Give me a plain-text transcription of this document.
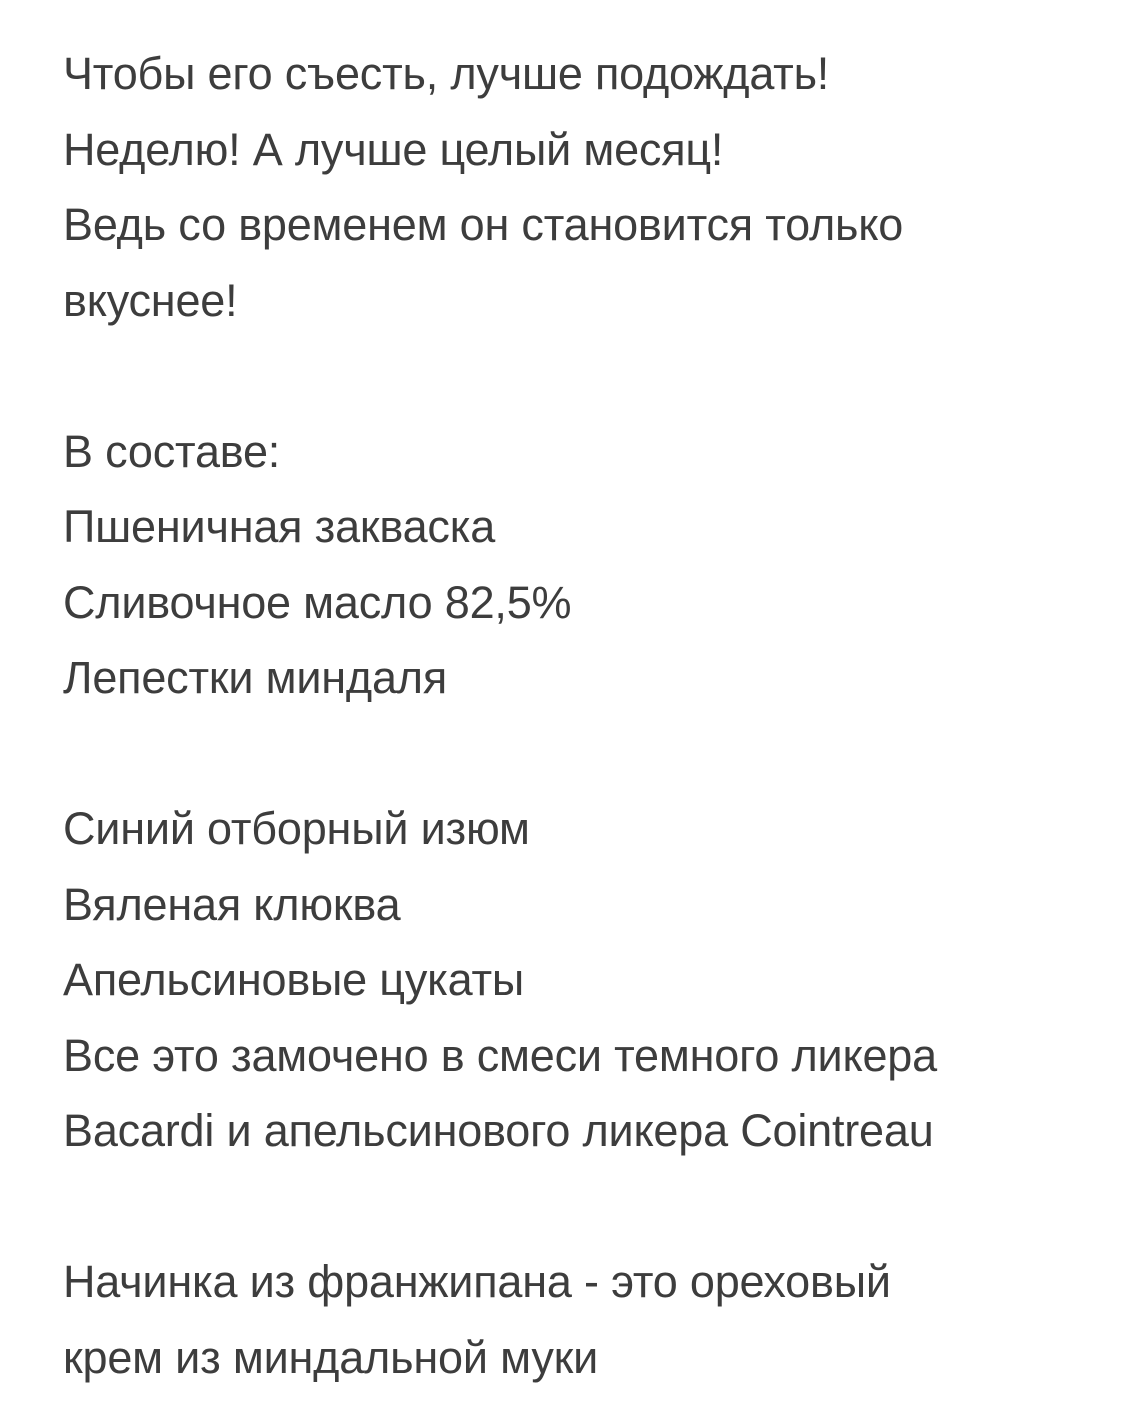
Чтобы его съесть, лучше подождать!
Неделю! А лучше целый месяц!
Ведь со временем он становится только
вкуснее!
В составе:
Пшеничная закваска
Сливочное масло 82,5%
Лепестки миндаля
Синий отборный изюм
Вяленая клюква
Апельсиновые цукаты
Все это замочено в смеси темного ликера
Bacardi и апельсинового ликера Cointreau
Начинка из франжипана - это ореховый
крем из миндальной муки
